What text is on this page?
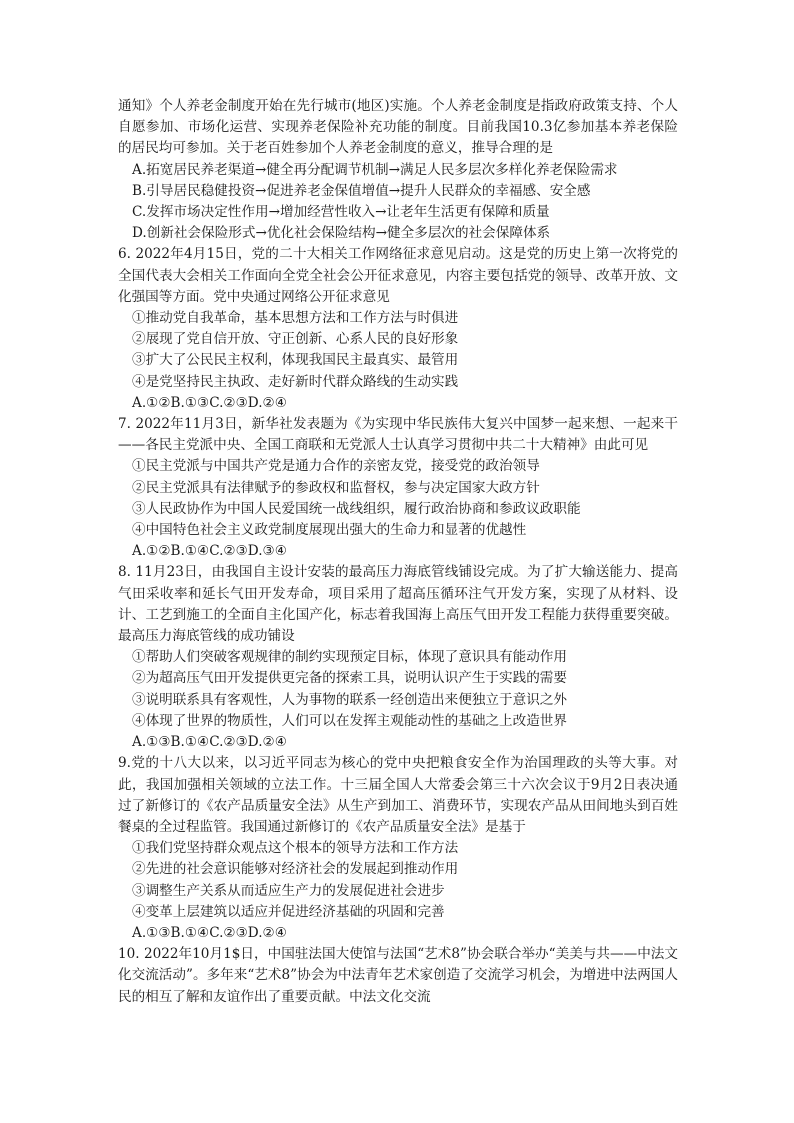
通知》个人养老金制度开始在先行城市(地区)实施。个人养老金制度是指政府政策支持、个人自愿参加、市场化运营、实现养老保险补充功能的制度。目前我国10.3亿参加基本养老保险的居民均可参加。关于老百姓参加个人养老金制度的意义，推导合理的是

A.拓宽居民养老渠道→健全再分配调节机制→满足人民多层次多样化养老保险需求

B.引导居民稳健投资→促进养老金保值增值→提升人民群众的幸福感、安全感

C.发挥市场决定性作用→增加经营性收入→让老年生活更有保障和质量

D.创新社会保险形式→优化社会保险结构→健全多层次的社会保障体系

6. 2022年4月15日，党的二十大相关工作网络征求意见启动。这是党的历史上第一次将党的全国代表大会相关工作面向全党全社会公开征求意见，内容主要包括党的领导、改革开放、文化强国等方面。党中央通过网络公开征求意见

①推动党自我革命，基本思想方法和工作方法与时俱进

②展现了党自信开放、守正创新、心系人民的良好形象

③扩大了公民民主权利，体现我国民主最真实、最管用

④是党坚持民主执政、走好新时代群众路线的生动实践

A.①②B.①③C.②③D.②④

7. 2022年11月3日，新华社发表题为《为实现中华民族伟大复兴中国梦一起来想、一起来干——各民主党派中央、全国工商联和无党派人士认真学习贯彻中共二十大精神》由此可见

①民主党派与中国共产党是通力合作的亲密友党，接受党的政治领导

②民主党派具有法律赋予的参政权和监督权，参与决定国家大政方针

③人民政协作为中国人民爱国统一战线组织，履行政治协商和参政议政职能

④中国特色社会主义政党制度展现出强大的生命力和显著的优越性

A.①②B.①④C.②③D.③④

8. 11月23日，由我国自主设计安装的最高压力海底管线铺设完成。为了扩大输送能力、提高气田采收率和延长气田开发寿命，项目采用了超高压循环注气开发方案，实现了从材料、设计、工艺到施工的全面自主化国产化，标志着我国海上高压气田开发工程能力获得重要突破。最高压力海底管线的成功铺设

①帮助人们突破客观规律的制约实现预定目标，体现了意识具有能动作用

②为超高压气田开发提供更完备的探索工具，说明认识产生于实践的需要

③说明联系具有客观性，人为事物的联系一经创造出来便独立于意识之外

④体现了世界的物质性，人们可以在发挥主观能动性的基础之上改造世界

A.①③B.①④C.②③D.②④

9.党的十八大以来，以习近平同志为核心的党中央把粮食安全作为治国理政的头等大事。对此，我国加强相关领域的立法工作。十三届全国人大常委会第三十六次会议于9月2日表决通过了新修订的《农产品质量安全法》从生产到加工、消费环节，实现农产品从田间地头到百姓餐桌的全过程监管。我国通过新修订的《农产品质量安全法》是基于

①我们党坚持群众观点这个根本的领导方法和工作方法

②先进的社会意识能够对经济社会的发展起到推动作用

③调整生产关系从而适应生产力的发展促进社会进步

④变革上层建筑以适应并促进经济基础的巩固和完善

A.①③B.①④C.②③D.②④

10. 2022年10月1$日，中国驻法国大使馆与法国“艺术8”协会联合举办“美美与共——中法文化交流活动”。多年来“艺术8”协会为中法青年艺术家创造了交流学习机会，为增进中法两国人民的相互了解和友谊作出了重要贡献。中法文化交流
